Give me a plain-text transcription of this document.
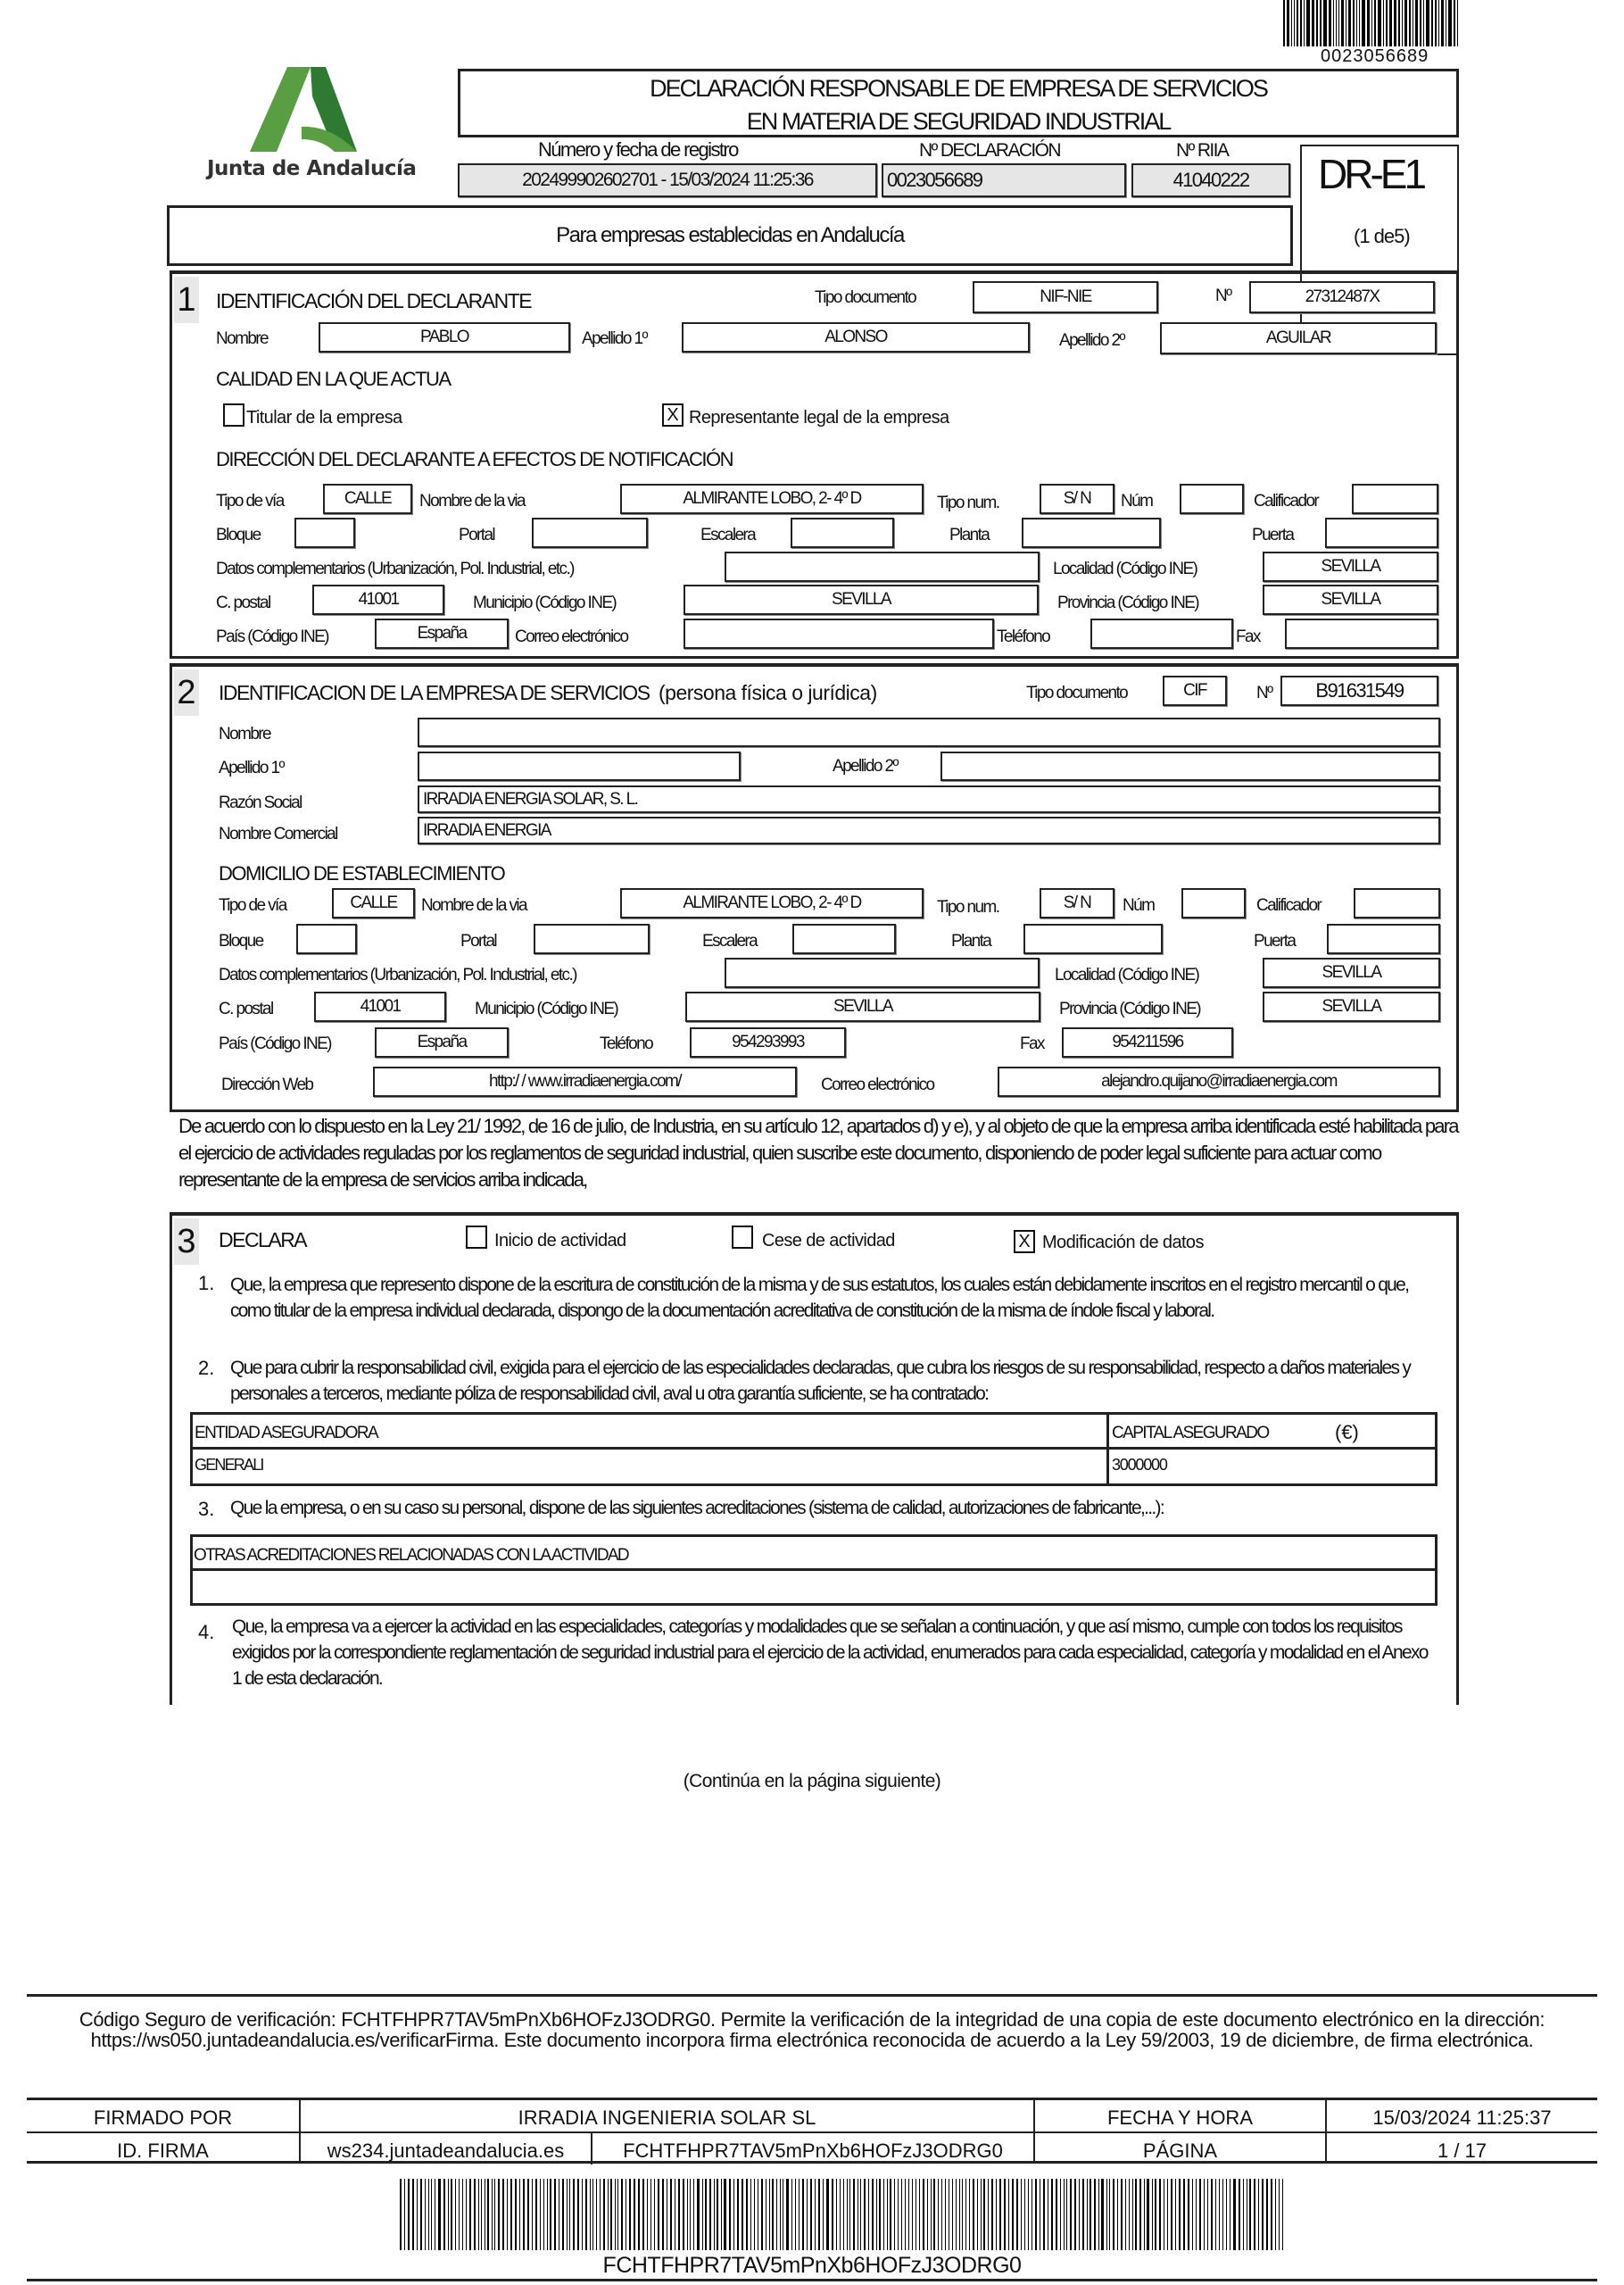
0023056689
Junta de Andalucía
DECLARACIÓN RESPONSABLE DE EMPRESA DE SERVICIOS
EN MATERIA DE SEGURIDAD INDUSTRIAL
Número y fecha de registro	Nº DECLARACIÓN	Nº RIIA
202499902602701 - 15/03/2024 11:25:36	0023056689	41040222	DR-E1
Para empresas establecidas en Andalucía	(1 de5)
1 IDENTIFICACIÓN DEL DECLARANTE	Tipo documento	NIF-NIE	Nº	27312487X
Nombre	PABLO	Apellido 1º	ALONSO	Apellido 2º	AGUILAR
CALIDAD EN LA QUE ACTUA
Titular de la empresa	X Representante legal de la empresa
DIRECCIÓN DEL DECLARANTE A EFECTOS DE NOTIFICACIÓN
Tipo de vía	CALLE	Nombre de la via	ALMIRANTE LOBO, 2- 4º D	Tipo num.	S/ N	Núm	Calificador
Bloque	Portal	Escalera	Planta	Puerta
Datos complementarios (Urbanización, Pol. Industrial, etc.)	Localidad (Código INE)	SEVILLA
C. postal	41001	Municipio (Código INE)	SEVILLA	Provincia (Código INE)	SEVILLA
País (Código INE)	España	Correo electrónico	Teléfono	Fax
2 IDENTIFICACION DE LA EMPRESA DE SERVICIOS (persona física o jurídica)	Tipo documento	CIF	Nº	B91631549
Nombre
Apellido 1º	Apellido 2º
Razón Social	IRRADIA ENERGIA SOLAR, S. L.
Nombre Comercial	IRRADIA ENERGIA
DOMICILIO DE ESTABLECIMIENTO
Tipo de vía	CALLE	Nombre de la via	ALMIRANTE LOBO, 2- 4º D	Tipo num.	S/ N	Núm	Calificador
Bloque	Portal	Escalera	Planta	Puerta
Datos complementarios (Urbanización, Pol. Industrial, etc.)	Localidad (Código INE)	SEVILLA
C. postal	41001	Municipio (Código INE)	SEVILLA	Provincia (Código INE)	SEVILLA
País (Código INE)	España	Teléfono	954293993	Fax	954211596
Dirección Web	http:/ / www.irradiaenergia.com/	Correo electrónico	alejandro.quijano@irradiaenergia.com
De acuerdo con lo dispuesto en la Ley 21/ 1992, de 16 de julio, de Industria, en su artículo 12, apartados d) y e), y al objeto de que la empresa arriba identificada esté habilitada para el ejercicio de actividades reguladas por los reglamentos de seguridad industrial, quien suscribe este documento, disponiendo de poder legal suficiente para actuar como representante de la empresa de servicios arriba indicada,
3 DECLARA	Inicio de actividad	Cese de actividad	X Modificación de datos
1. Que, la empresa que represento dispone de la escritura de constitución de la misma y de sus estatutos, los cuales están debidamente inscritos en el registro mercantil o que, como titular de la empresa individual declarada, dispongo de la documentación acreditativa de constitución de la misma de índole fiscal y laboral.
2. Que para cubrir la responsabilidad civil, exigida para el ejercicio de las especialidades declaradas, que cubra los riesgos de su responsabilidad, respecto a daños materiales y personales a terceros, mediante póliza de responsabilidad civil, aval u otra garantía suficiente, se ha contratado:
ENTIDAD ASEGURADORA	CAPITAL ASEGURADO	(€)
GENERALI	3000000
3. Que la empresa, o en su caso su personal, dispone de las siguientes acreditaciones (sistema de calidad, autorizaciones de fabricante,...):
OTRAS ACREDITACIONES RELACIONADAS CON LA ACTIVIDAD
4. Que, la empresa va a ejercer la actividad en las especialidades, categorías y modalidades que se señalan a continuación, y que así mismo, cumple con todos los requisitos exigidos por la correspondiente reglamentación de seguridad industrial para el ejercicio de la actividad, enumerados para cada especialidad, categoría y modalidad en el Anexo 1 de esta declaración.
(Continúa en la página siguiente)
Código Seguro de verificación: FCHTFHPR7TAV5mPnXb6HOFzJ3ODRG0. Permite la verificación de la integridad de una copia de este documento electrónico en la dirección:
https://ws050.juntadeandalucia.es/verificarFirma. Este documento incorpora firma electrónica reconocida de acuerdo a la Ley 59/2003, 19 de diciembre, de firma electrónica.
FIRMADO POR	IRRADIA INGENIERIA SOLAR SL	FECHA Y HORA	15/03/2024 11:25:37
ID. FIRMA	ws234.juntadeandalucia.es	FCHTFHPR7TAV5mPnXb6HOFzJ3ODRG0	PÁGINA	1 / 17
FCHTFHPR7TAV5mPnXb6HOFzJ3ODRG0
